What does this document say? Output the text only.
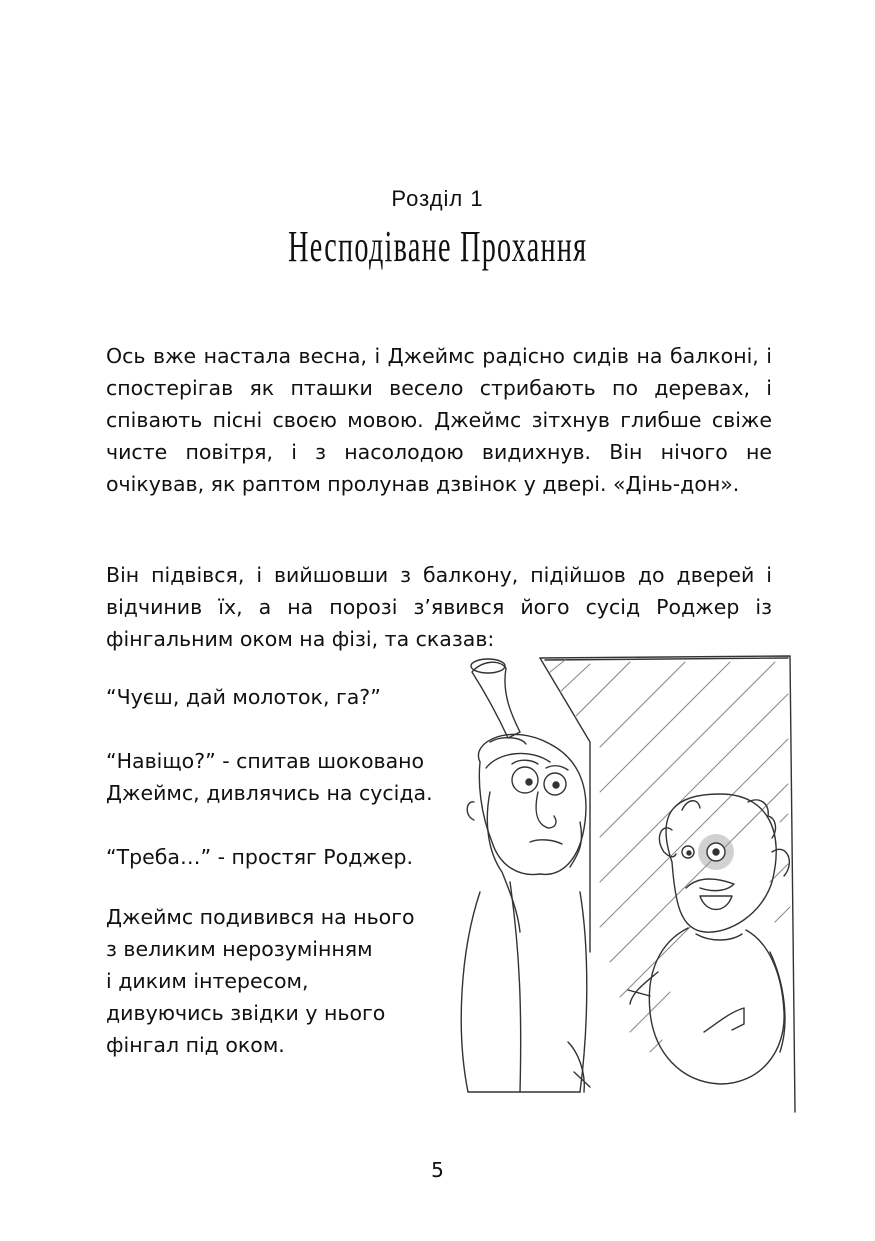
Розділ 1
Несподіване Прохання

Ось вже настала весна, і Джеймс радісно сидів на балконі, і спостерігав як пташки весело стрибають по деревах, і співають пісні своєю мовою. Джеймс зітхнув глибше свіже чисте повітря, і з насолодою видихнув. Він нічого не очікував, як раптом пролунав дзвінок у двері. «Дінь-дон».

Він підвівся, і вийшовши з балкону, підійшов до дверей і відчинив їх, а на порозі з’явився його сусід Роджер із фінгальним оком на фізі, та сказав:

“Чуєш, дай молоток, га?”
“Навіщо?” - спитав шоковано
Джеймс, дивлячись на сусіда.
“Треба…” - простяг Роджер.
Джеймс подивився на нього
з великим нерозумінням
і диким інтересом,
дивуючись звідки у нього
фінгал під оком.
5
